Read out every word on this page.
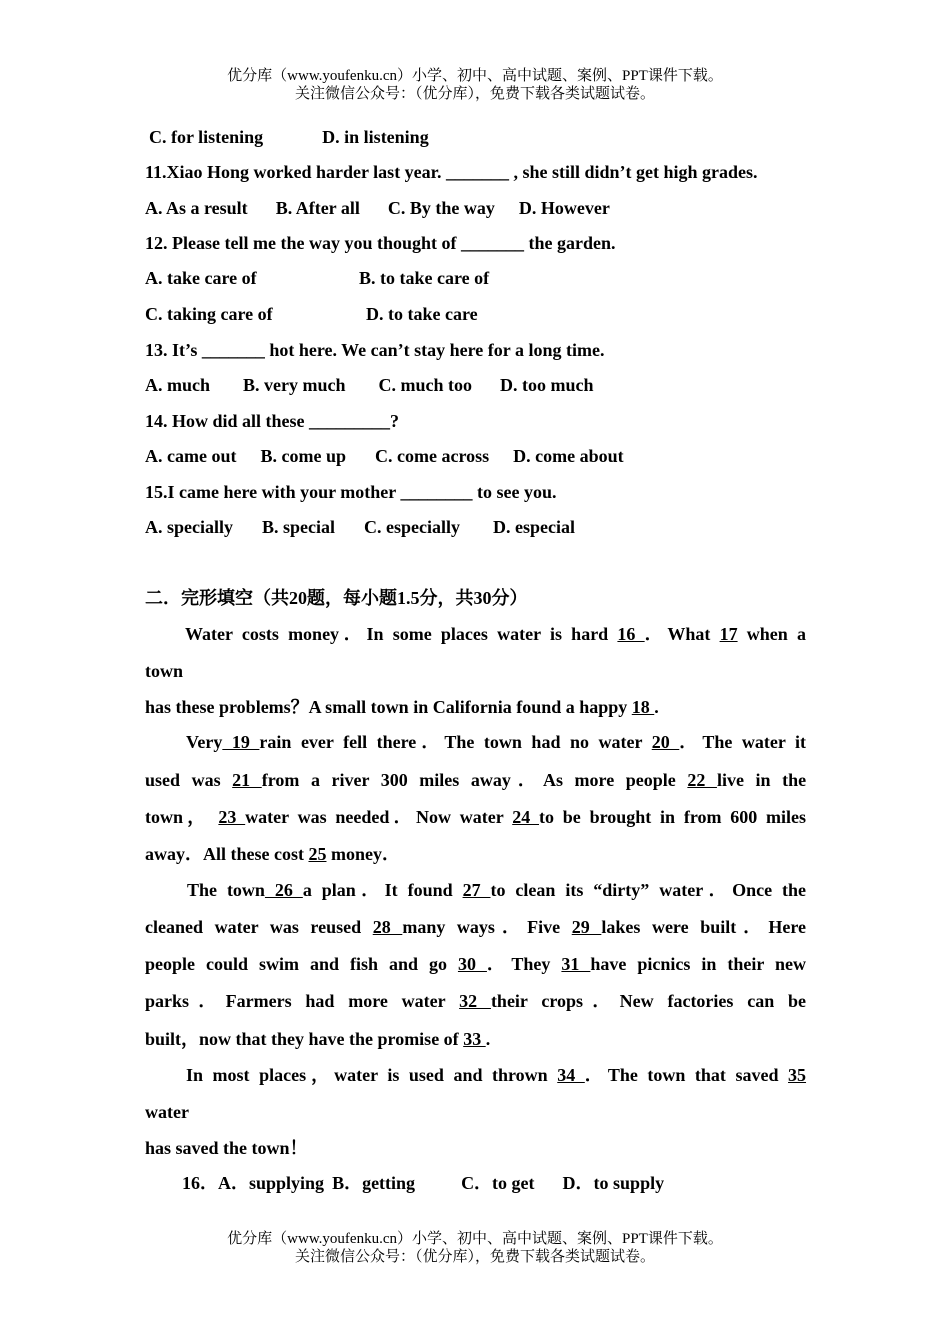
优分库（www.youfenku.cn）小学、初中、高中试题、案例、PPT课件下载。
关注微信公众号：（优分库），免费下载各类试题试卷。
C. for listening	D. in listening
11.Xiao Hong worked harder last year. _______ , she still didn’t get high grades.
A. As a result B. After all C. By the way D. However
12. Please tell me the way you thought of _______ the garden.
A. take care of	B. to take care of
C. taking care of	D. to take care
13. It’s _______ hot here. We can’t stay here for a long time.
A. much B. very much C. much too D. too much
14. How did all these _________?
A. came out B. come up C. come across D. come about
15.I came here with your mother ________ to see you.
A. specially B. special C. especially D. especial
二．完形填空（共20题，每小题1.5分，共30分）
Water costs money．In some places water is hard 16 ．What 17 when a
town
has these problems？A small town in California found a happy 18 .
Very 19 rain ever fell there．The town had no water 20 ．The water it
used was 21 from a river 300 miles away．As more people 22 live in the
town， 23 water was needed．Now water 24 to be brought in from 600 miles
away．All these cost 25 money．
The town 26 a plan．It found 27 to clean its “dirty” water．Once the
cleaned water was reused 28 many ways．Five 29 lakes were built．Here
people could swim and fish and go 30 ．They 31 have picnics in their new
parks．Farmers had more water 32 their crops．New factories can be
built，now that they have the promise of 33 .
In most places，water is used and thrown 34 ．The town that saved 35
water
has saved the town！
16．A．supplying B．getting	C．to get D．to supply
优分库（www.youfenku.cn）小学、初中、高中试题、案例、PPT课件下载。
关注微信公众号：（优分库），免费下载各类试题试卷。
